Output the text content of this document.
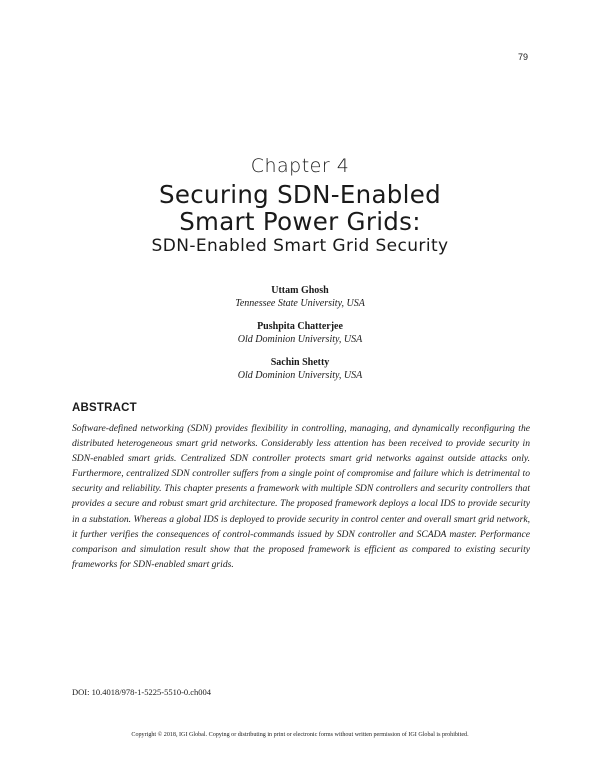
79
Chapter 4
Securing SDN-Enabled
Smart Power Grids:
SDN-Enabled Smart Grid Security
Uttam Ghosh
Tennessee State University, USA
Pushpita Chatterjee
Old Dominion University, USA
Sachin Shetty
Old Dominion University, USA
ABSTRACT
Software-defined networking (SDN) provides flexibility in controlling, managing, and dynamically reconfiguring the distributed heterogeneous smart grid networks. Considerably less attention has been received to provide security in SDN-enabled smart grids. Centralized SDN controller protects smart grid networks against outside attacks only. Furthermore, centralized SDN controller suffers from a single point of compromise and failure which is detrimental to security and reliability. This chapter presents a framework with multiple SDN controllers and security controllers that provides a secure and robust smart grid architecture. The proposed framework deploys a local IDS to provide security in a substation. Whereas a global IDS is deployed to provide security in control center and overall smart grid network, it further verifies the consequences of control-commands issued by SDN controller and SCADA master. Performance comparison and simulation result show that the proposed framework is efficient as compared to existing security frameworks for SDN-enabled smart grids.
DOI: 10.4018/978-1-5225-5510-0.ch004
Copyright © 2018, IGI Global. Copying or distributing in print or electronic forms without written permission of IGI Global is prohibited.
